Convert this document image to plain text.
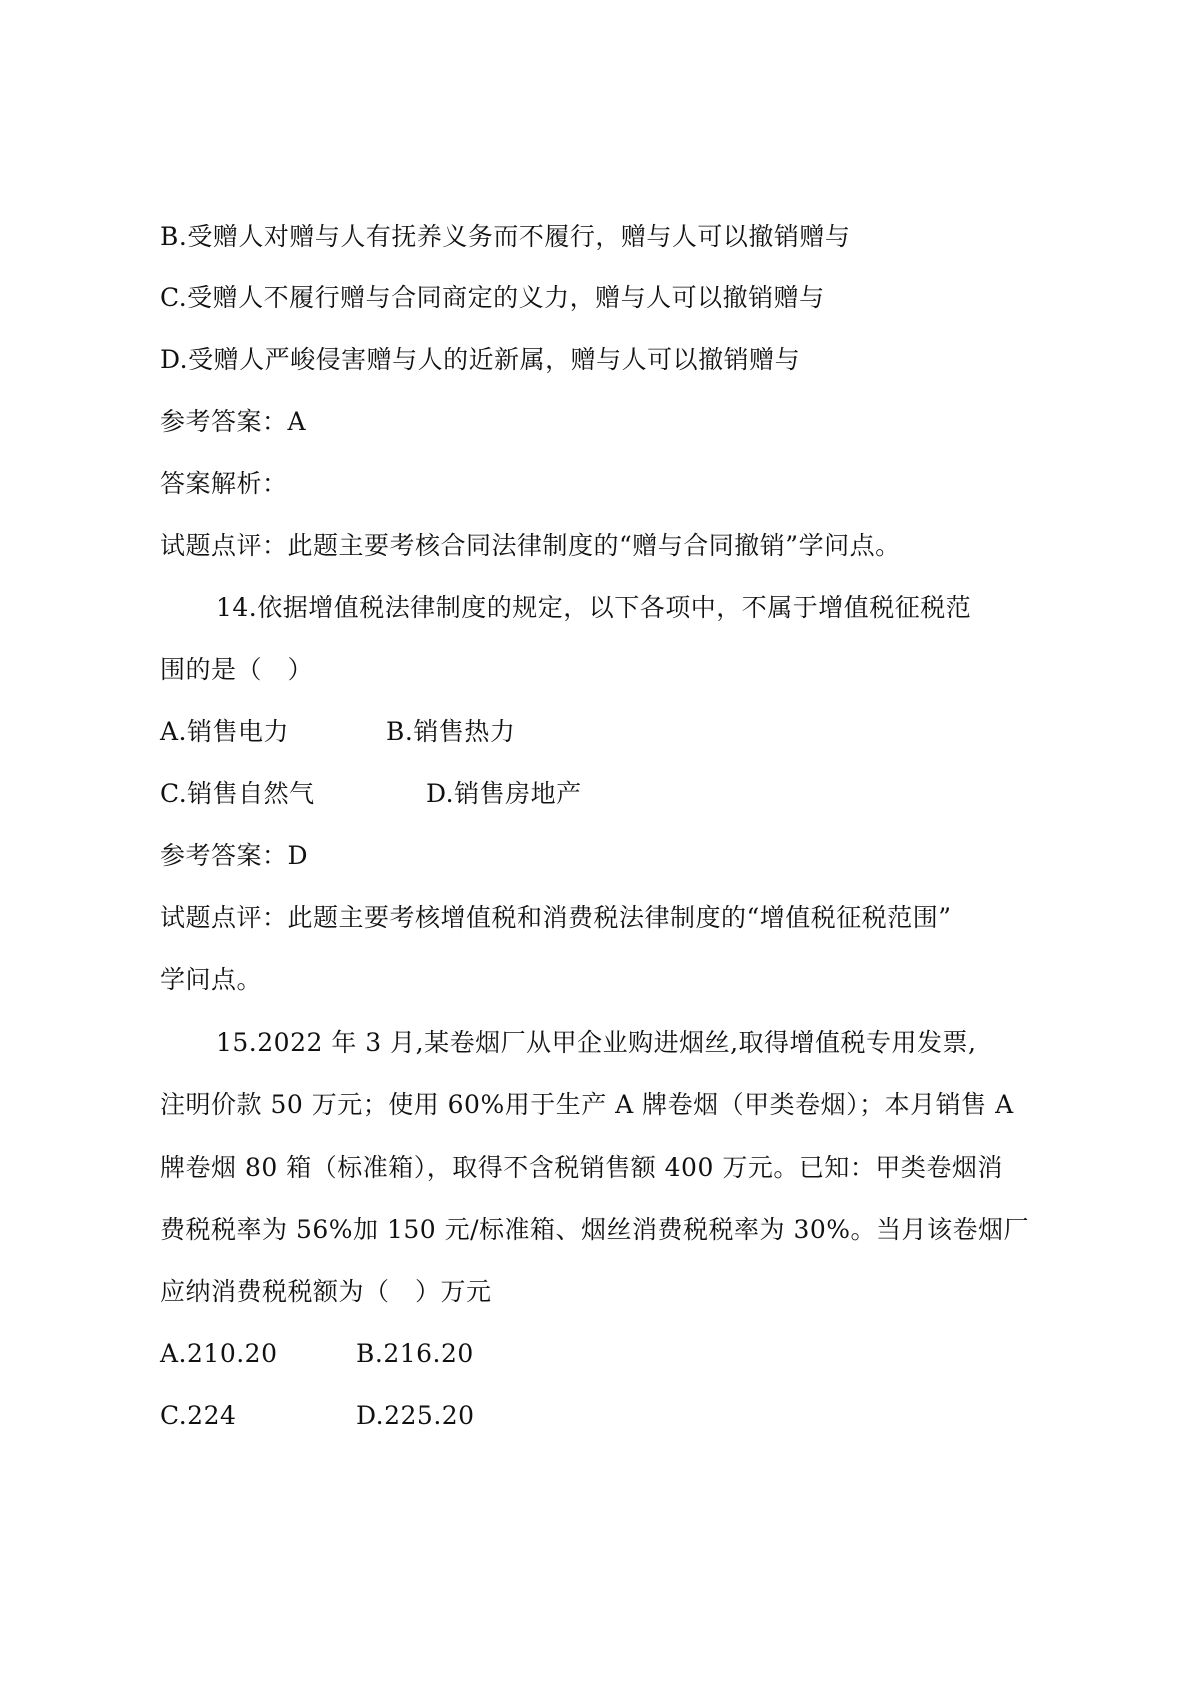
B.受赠人对赠与人有抚养义务而不履行，赠与人可以撤销赠与
C.受赠人不履行赠与合同商定的义力，赠与人可以撤销赠与
D.受赠人严峻侵害赠与人的近新属，赠与人可以撤销赠与
参考答案：A
答案解析：
试题点评：此题主要考核合同法律制度的“赠与合同撤销”学问点。
14.依据增值税法律制度的规定，以下各项中，不属于增值税征税范
围的是（　）
A.销售电力	B.销售热力
C.销售自然气	D.销售房地产
参考答案：D
试题点评：此题主要考核增值税和消费税法律制度的“增值税征税范围”
学问点。
15.2022 年 3 月,某卷烟厂从甲企业购进烟丝,取得增值税专用发票,
注明价款 50 万元；使用 60%用于生产 A 牌卷烟（甲类卷烟）；本月销售 A
牌卷烟 80 箱（标准箱），取得不含税销售额 400 万元。已知：甲类卷烟消
费税税率为 56%加 150 元/标准箱、烟丝消费税税率为 30%。当月该卷烟厂
应纳消费税税额为（　）万元
A.210.20	B.216.20
C.224	D.225.20
